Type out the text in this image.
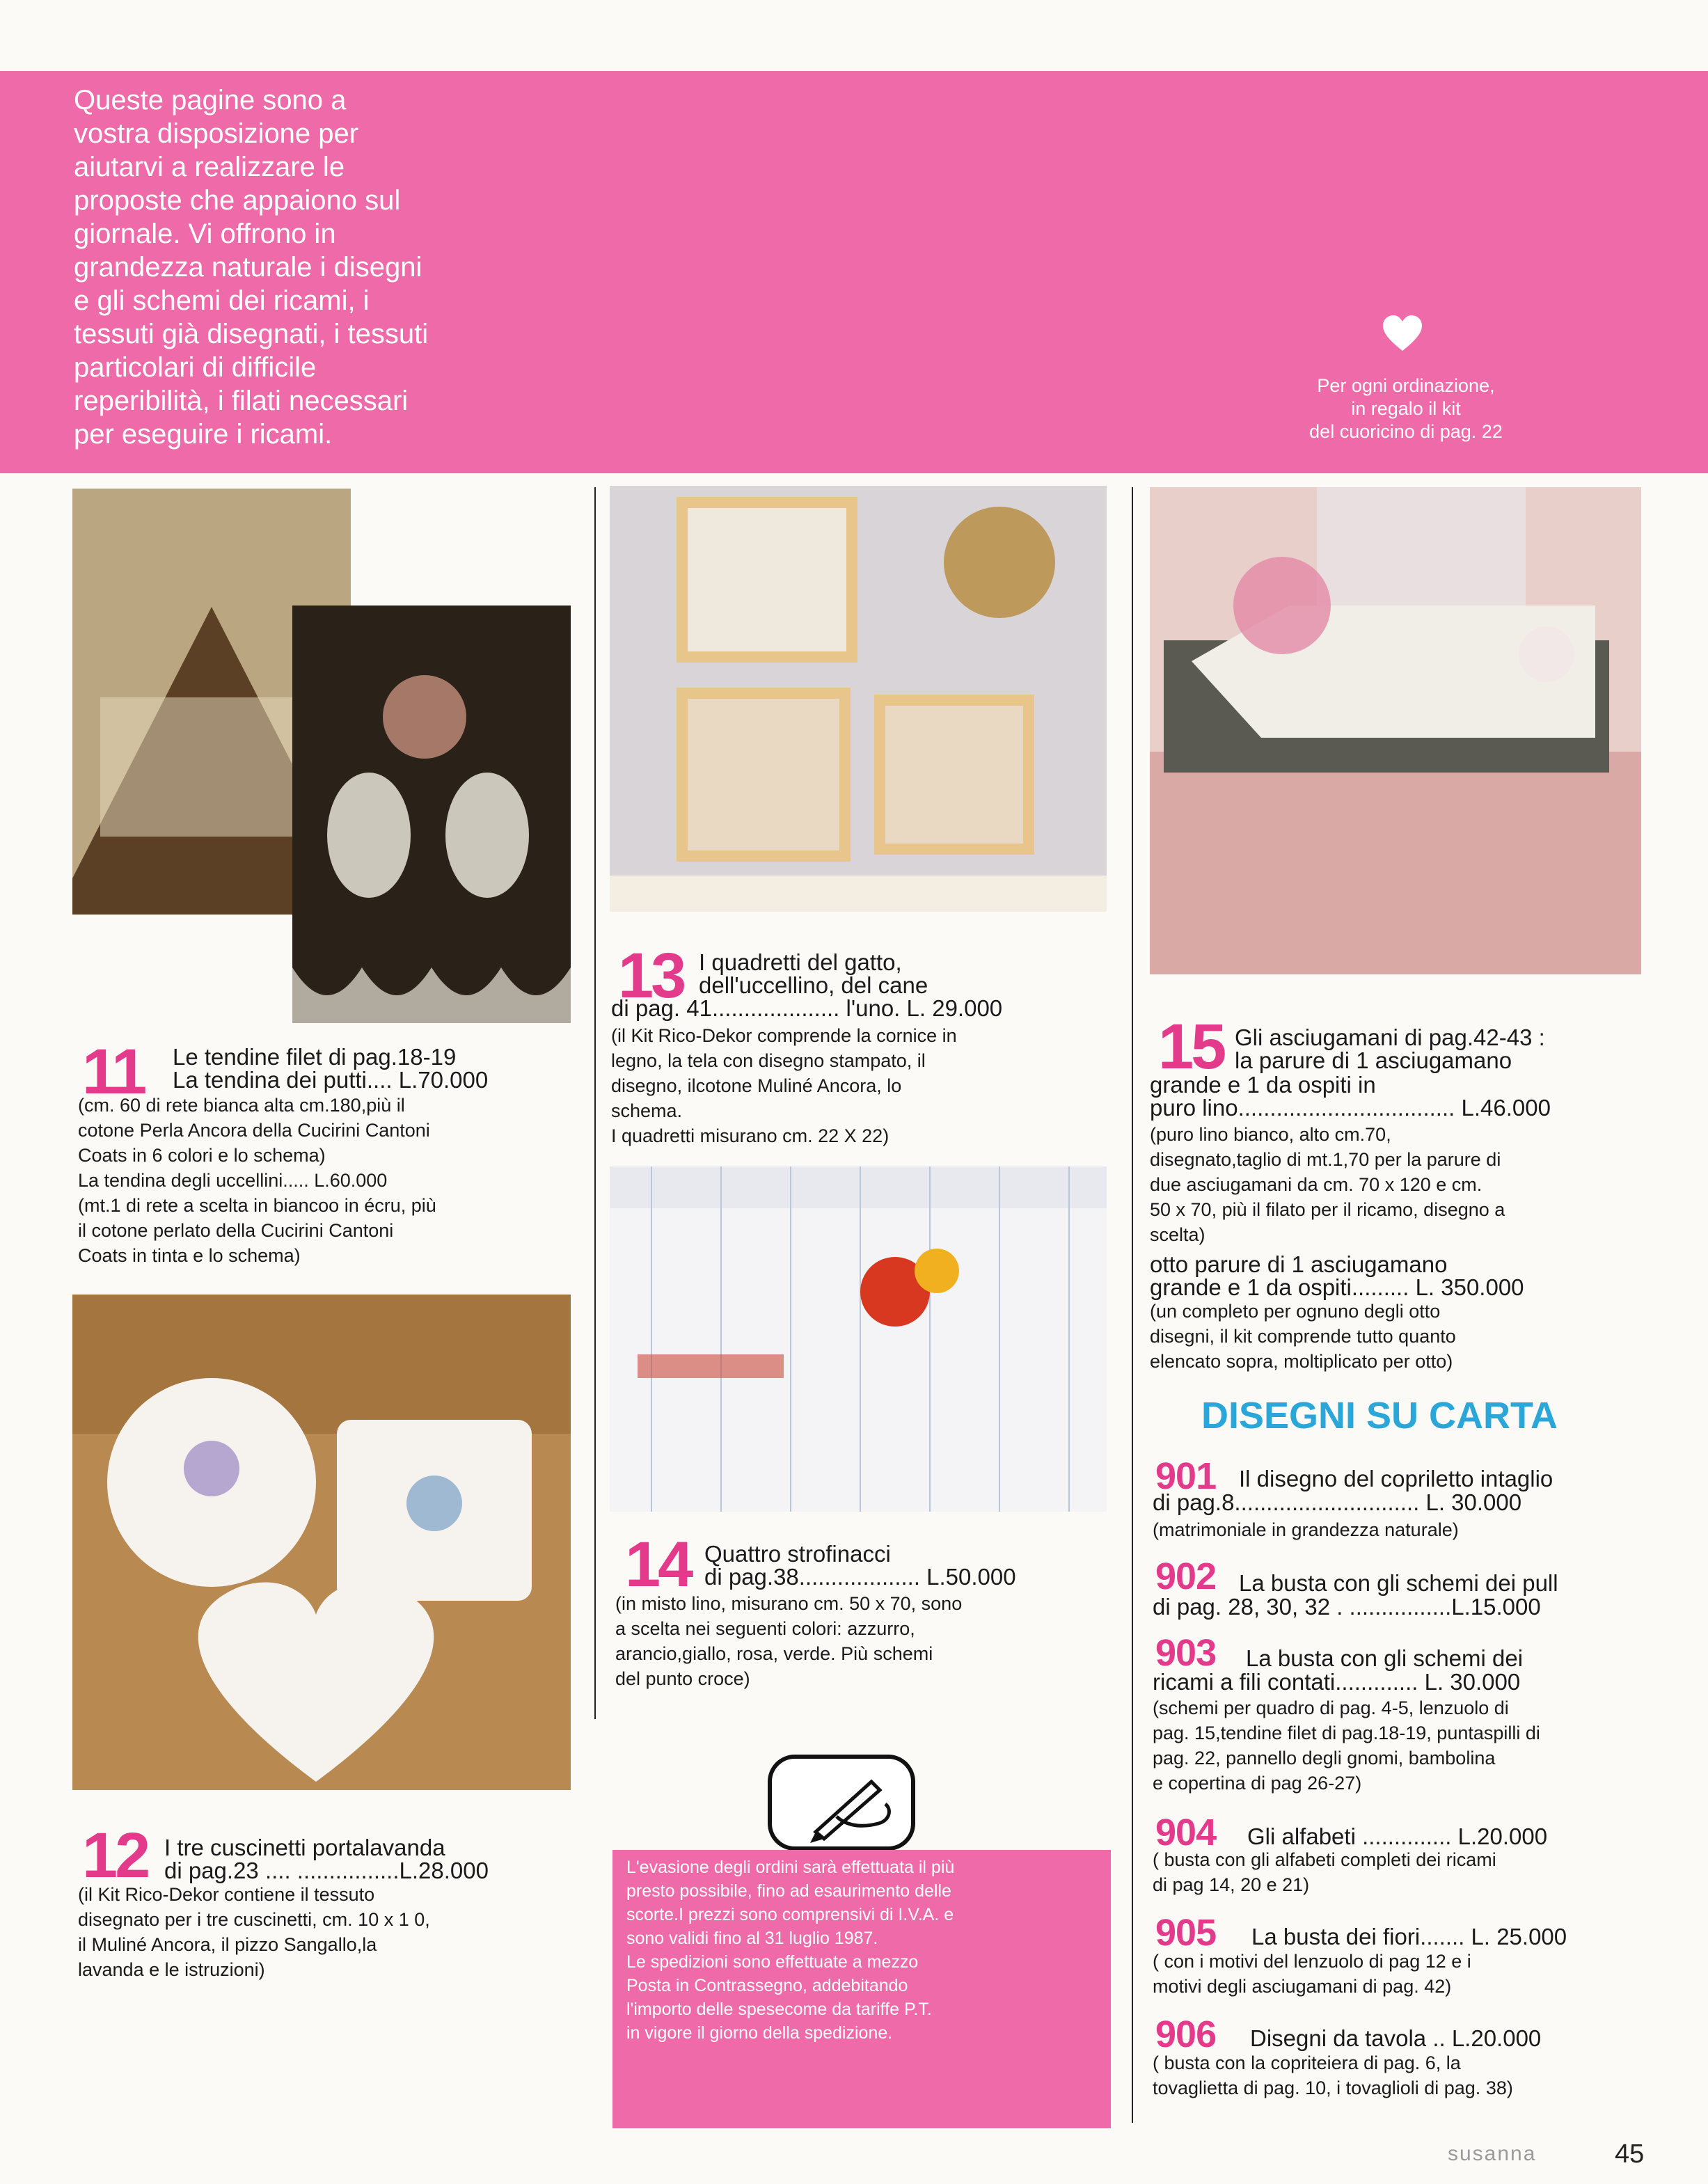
Queste pagine sono a
vostra disposizione per
aiutarvi a realizzare le
proposte che appaiono sul
giornale. Vi offrono in
grandezza naturale i disegni
e gli schemi dei ricami, i
tessuti già disegnati, i tessuti
particolari di difficile
reperibilità, i filati necessari
per eseguire i ricami.
Per ogni ordinazione,
in regalo il kit
del cuoricino di pag. 22
11 Le tendine filet di pag.18-19
La tendina dei putti.... L.70.000
(cm. 60 di rete bianca alta cm.180,più il
cotone Perla Ancora della Cucirini Cantoni
Coats in 6 colori e lo schema)
La tendina degli uccellini..... L.60.000
(mt.1 di rete a scelta in biancoo in écru, più
il cotone perlato della Cucirini Cantoni
Coats in tinta e lo schema)
12 I tre cuscinetti portalavanda
di pag.23 .... ................L.28.000
(il Kit Rico-Dekor contiene il tessuto
disegnato per i tre cuscinetti, cm. 10 x 1 0,
il Muliné Ancora, il pizzo Sangallo,la
lavanda e le istruzioni)
13 I quadretti del gatto,
dell'uccellino, del cane
di pag. 41.................... l'uno. L. 29.000
(il Kit Rico-Dekor comprende la cornice in
legno, la tela con disegno stampato, il
disegno, ilcotone Muliné Ancora, lo
schema.
I quadretti misurano cm. 22 X 22)
14 Quattro strofinacci
di pag.38................... L.50.000
(in misto lino, misurano cm. 50 x 70, sono
a scelta nei seguenti colori: azzurro,
arancio,giallo, rosa, verde. Più schemi
del punto croce)
L'evasione degli ordini sarà effettuata il più
presto possibile, fino ad esaurimento delle
scorte.I prezzi sono comprensivi di I.V.A. e
sono validi fino al 31 luglio 1987.
Le spedizioni sono effettuate a mezzo
Posta in Contrassegno, addebitando
l'importo delle spesecome da tariffe P.T.
in vigore il giorno della spedizione.
15 Gli asciugamani di pag.42-43 :
la parure di 1 asciugamano
grande e 1 da ospiti in
puro lino.................................. L.46.000
(puro lino bianco, alto cm.70,
disegnato,taglio di mt.1,70 per la parure di
due asciugamani da cm. 70 x 120 e cm.
50 x 70, più il filato per il ricamo, disegno a
scelta)
otto parure di 1 asciugamano
grande e 1 da ospiti......... L. 350.000
(un completo per ognuno degli otto
disegni, il kit comprende tutto quanto
elencato sopra, moltiplicato per otto)
DISEGNI SU CARTA
901 Il disegno del copriletto intaglio
di pag.8............................. L. 30.000
(matrimoniale in grandezza naturale)
902 La busta con gli schemi dei pull
di pag. 28, 30, 32 . ................L.15.000
903 La busta con gli schemi dei
ricami a fili contati............. L. 30.000
(schemi per quadro di pag. 4-5, lenzuolo di
pag. 15,tendine filet di pag.18-19, puntaspilli di
pag. 22, pannello degli gnomi, bambolina
e copertina di pag 26-27)
904 Gli alfabeti .............. L.20.000
( busta con gli alfabeti completi dei ricami
di pag 14, 20 e 21)
905 La busta dei fiori....... L. 25.000
( con i motivi del lenzuolo di pag 12 e i
motivi degli asciugamani di pag. 42)
906 Disegni da tavola .. L.20.000
( busta con la copriteiera di pag. 6, la
tovaglietta di pag. 10, i tovaglioli di pag. 38)
susanna	45
